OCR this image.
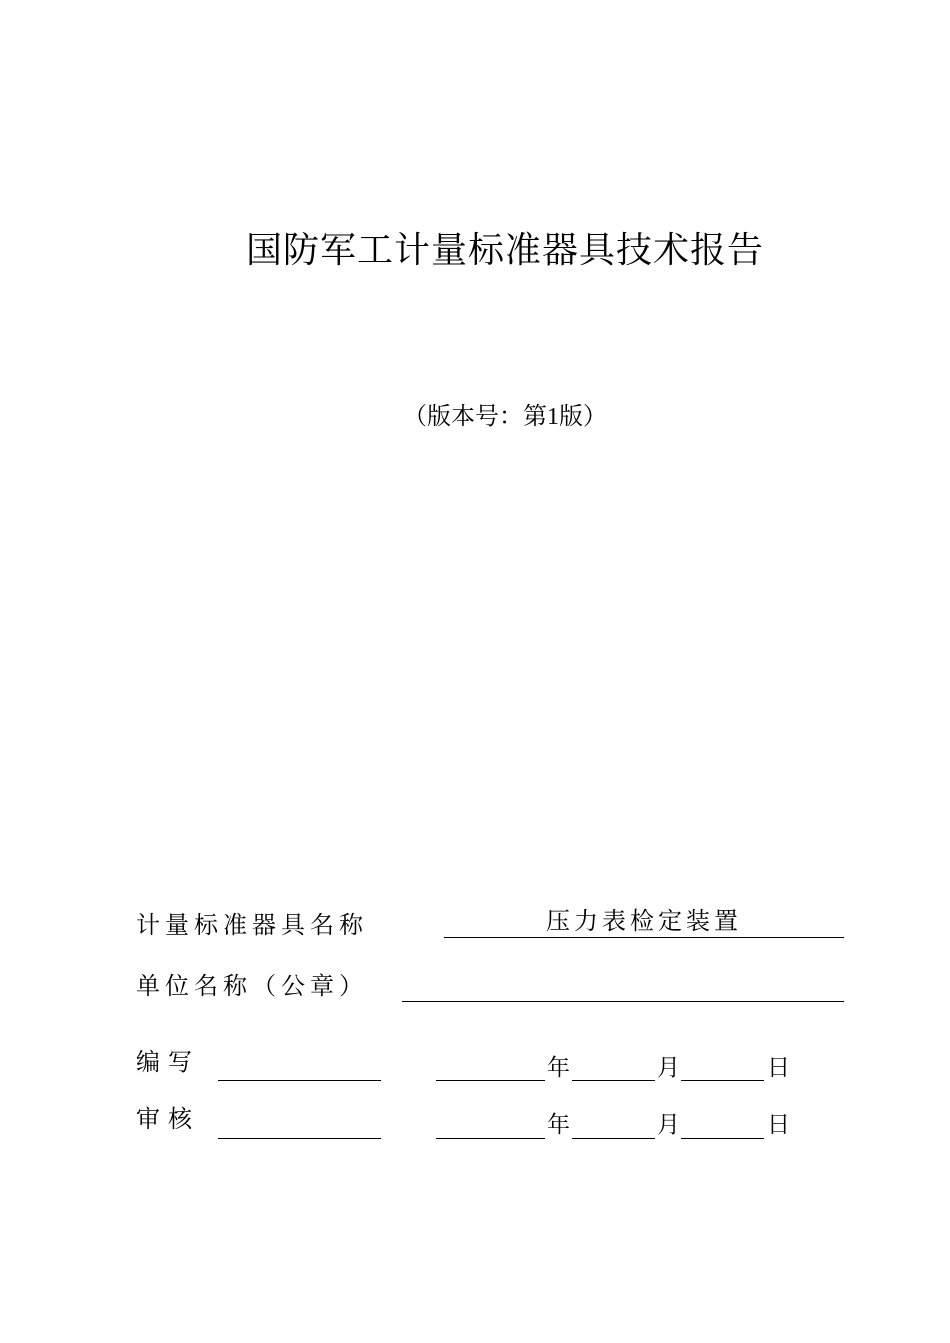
国防军工计量标准器具技术报告
（版本号：第1版）
计量标准器具名称	压力表检定装置
单位名称（公章）
编写	年	月	日
审核	年	月	日
